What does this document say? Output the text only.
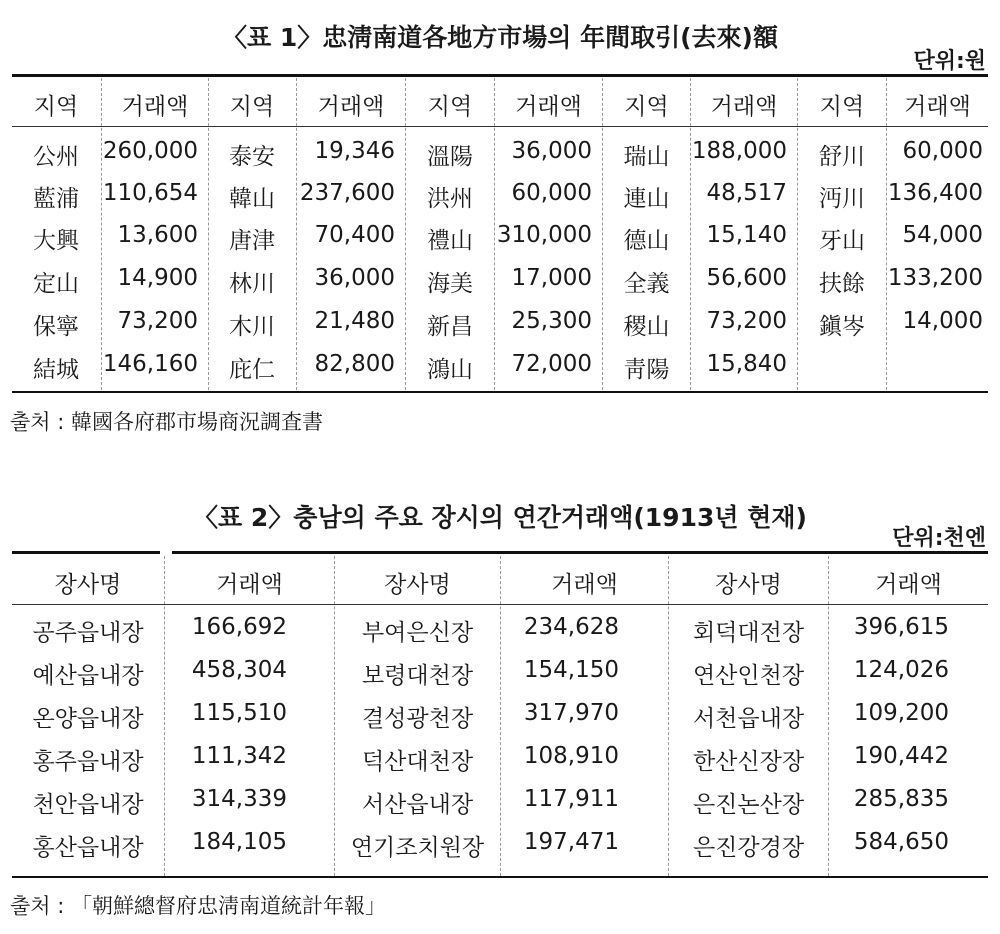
〈표 1〉忠淸南道各地方市場의 年間取引(去來)額
단위:원
지역	거래액	지역	거래액	지역	거래액	지역	거래액	지역	거래액
公州	260,000	泰安	19,346	溫陽	36,000	瑞山 188,000	舒川	60,000
藍浦	110,654	韓山	237,600	洪州	60,000	連山	48,517	沔川 136,400
大興	13,600	唐津	70,400	禮山	310,000	德山	15,140	牙山	54,000
定山	14,900	林川	36,000	海美	17,000	全義	56,600	扶餘 133,200
保寧	73,200	木川	21,480	新昌	25,300	稷山	73,200	鎭岑	14,000
結城	146,160	庇仁	82,800	鴻山	72,000	靑陽	15,840
출처 : 韓國各府郡市場商況調査書
〈표 2〉충남의 주요 장시의 연간거래액(1913년 현재)
단위:천엔
장사명	거래액	장사명	거래액	장사명	거래액
공주읍내장	166,692	부여은신장	234,628	회덕대전장	396,615
예산읍내장	458,304	보령대천장	154,150	연산인천장	124,026
온양읍내장	115,510	결성광천장	317,970	서천읍내장	109,200
홍주읍내장	111,342	덕산대천장	108,910	한산신장장	190,442
천안읍내장	314,339	서산읍내장	117,911	은진논산장	285,835
홍산읍내장	184,105	연기조치원장	197,471	은진강경장	584,650
출처 : 「朝鮮總督府忠淸南道統計年報」
